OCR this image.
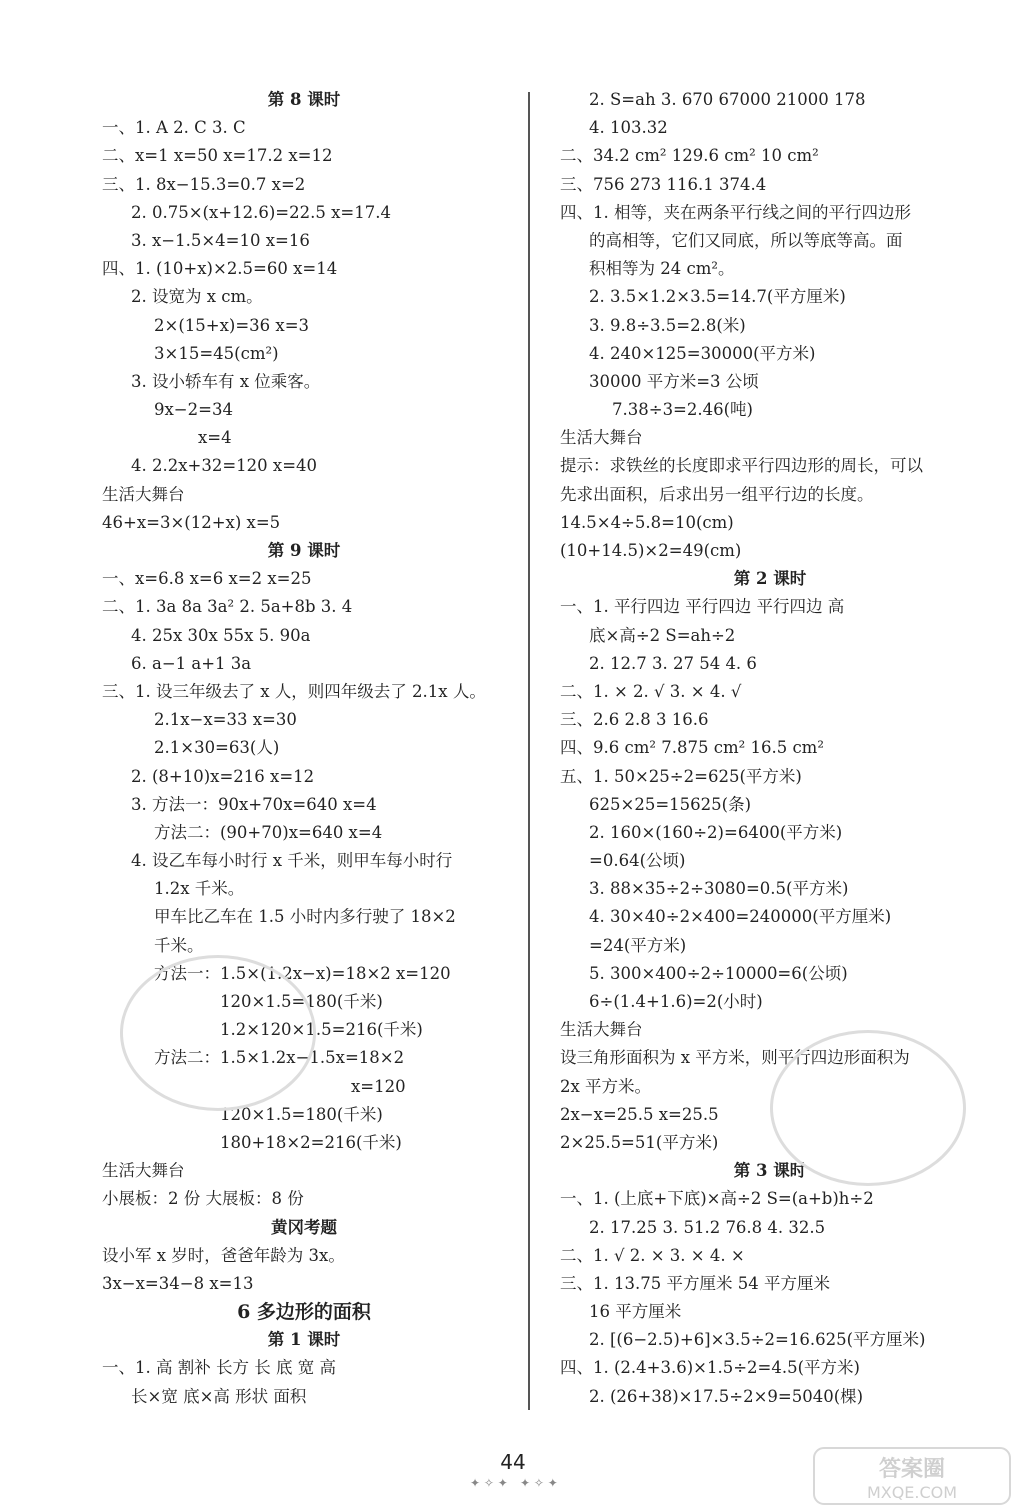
第 8 课时
一、1. A 2. C 3. C
二、x=1 x=50 x=17.2 x=12
三、1. 8x−15.3=0.7 x=2
2. 0.75×(x+12.6)=22.5 x=17.4
3. x−1.5×4=10 x=16
四、1. (10+x)×2.5=60 x=14
2. 设宽为 x cm。
2×(15+x)=36 x=3
3×15=45(cm²)
3. 设小轿车有 x 位乘客。
9x−2=34
x=4
4. 2.2x+32=120 x=40
生活大舞台
46+x=3×(12+x) x=5
第 9 课时
一、x=6.8 x=6 x=2 x=25
二、1. 3a 8a 3a² 2. 5a+8b 3. 4
4. 25x 30x 55x 5. 90a
6. a−1 a+1 3a
三、1. 设三年级去了 x 人，则四年级去了 2.1x 人。
2.1x−x=33 x=30
2.1×30=63(人)
2. (8+10)x=216 x=12
3. 方法一：90x+70x=640 x=4
方法二：(90+70)x=640 x=4
4. 设乙车每小时行 x 千米，则甲车每小时行
1.2x 千米。
甲车比乙车在 1.5 小时内多行驶了 18×2
千米。
方法一：1.5×(1.2x−x)=18×2 x=120
120×1.5=180(千米)
1.2×120×1.5=216(千米)
方法二：1.5×1.2x−1.5x=18×2
x=120
120×1.5=180(千米)
180+18×2=216(千米)
生活大舞台
小展板：2 份 大展板：8 份
黄冈考题
设小军 x 岁时，爸爸年龄为 3x。
3x−x=34−8 x=13
6 多边形的面积
第 1 课时
一、1. 高 割补 长方 长 底 宽 高
长×宽 底×高 形状 面积
2. S=ah 3. 670 67000 21000 178
4. 103.32
二、34.2 cm² 129.6 cm² 10 cm²
三、756 273 116.1 374.4
四、1. 相等，夹在两条平行线之间的平行四边形
的高相等，它们又同底，所以等底等高。面
积相等为 24 cm²。
2. 3.5×1.2×3.5=14.7(平方厘米)
3. 9.8÷3.5=2.8(米)
4. 240×125=30000(平方米)
30000 平方米=3 公顷
7.38÷3=2.46(吨)
生活大舞台
提示：求铁丝的长度即求平行四边形的周长，可以
先求出面积，后求出另一组平行边的长度。
14.5×4÷5.8=10(cm)
(10+14.5)×2=49(cm)
第 2 课时
一、1. 平行四边 平行四边 平行四边 高
底×高÷2 S=ah÷2
2. 12.7 3. 27 54 4. 6
二、1. × 2. √ 3. × 4. √
三、2.6 2.8 3 16.6
四、9.6 cm² 7.875 cm² 16.5 cm²
五、1. 50×25÷2=625(平方米)
625×25=15625(条)
2. 160×(160÷2)=6400(平方米)
=0.64(公顷)
3. 88×35÷2÷3080=0.5(平方米)
4. 30×40÷2×400=240000(平方厘米)
=24(平方米)
5. 300×400÷2÷10000=6(公顷)
6÷(1.4+1.6)=2(小时)
生活大舞台
设三角形面积为 x 平方米，则平行四边形面积为
2x 平方米。
2x−x=25.5 x=25.5
2×25.5=51(平方米)
第 3 课时
一、1. (上底+下底)×高÷2 S=(a+b)h÷2
2. 17.25 3. 51.2 76.8 4. 32.5
二、1. √ 2. × 3. × 4. ×
三、1. 13.75 平方厘米 54 平方厘米
16 平方厘米
2. [(6−2.5)+6]×3.5÷2=16.625(平方厘米)
四、1. (2.4+3.6)×1.5÷2=4.5(平方米)
2. (26+38)×17.5÷2×9=5040(棵)
✦ ✧ ✦
44
✦ ✧ ✦
答案圈
MXQE.COM
